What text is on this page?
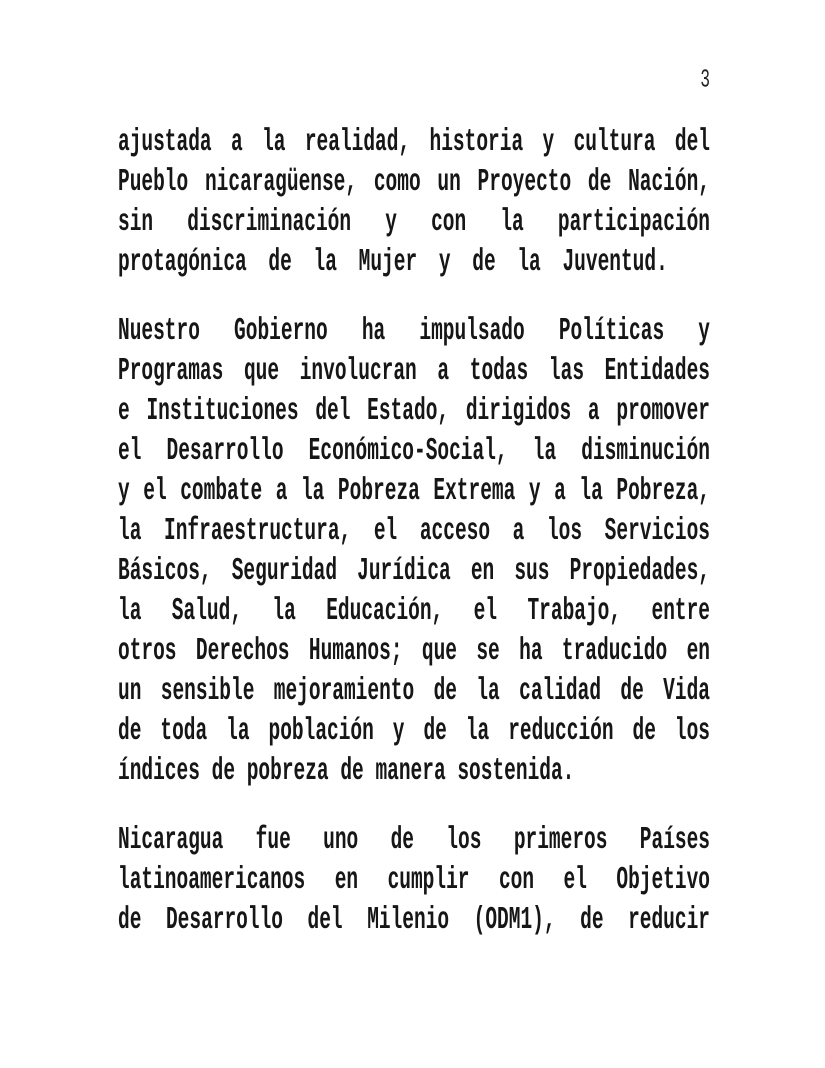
3
ajustada a la realidad, historia y cultura del
Pueblo nicaragüense, como un Proyecto de Nación,
sin discriminación y con la participación
protagónica de la Mujer y de la Juventud.
Nuestro Gobierno ha impulsado Políticas y
Programas que involucran a todas las Entidades
e Instituciones del Estado, dirigidos a promover
el Desarrollo Económico-Social, la disminución
y el combate a la Pobreza Extrema y a la Pobreza,
la Infraestructura, el acceso a los Servicios
Básicos, Seguridad Jurídica en sus Propiedades,
la Salud, la Educación, el Trabajo, entre
otros Derechos Humanos; que se ha traducido en
un sensible mejoramiento de la calidad de Vida
de toda la población y de la reducción de los
índices de pobreza de manera sostenida.
Nicaragua fue uno de los primeros Países
latinoamericanos en cumplir con el Objetivo
de Desarrollo del Milenio (ODM1), de reducir
